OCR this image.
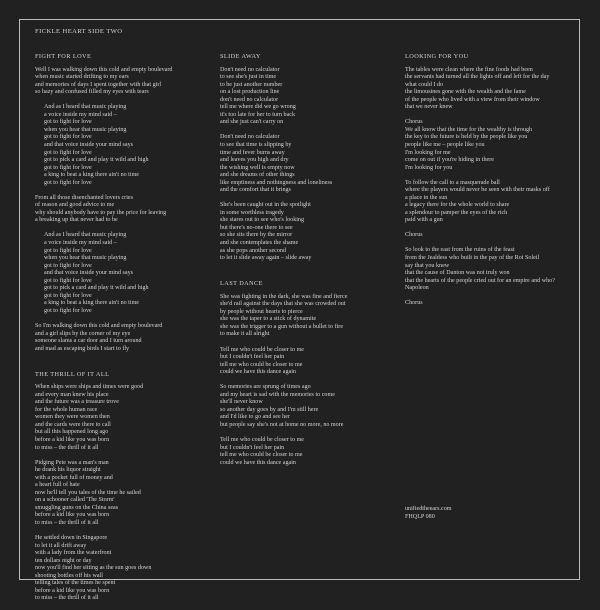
FICKLE HEART SIDE TWO
FIGHT FOR LOVE
Well I was walking down this cold and empty boulevard
when music started drifting to my ears
and memories of days I spent together with that girl
so hazy and confused filled my eyes with tears
And as I heard that music playing
a voice inside my mind said –
got to fight for love
when you hear that music playing
got to fight for love
and that voice inside your mind says
got to fight for love
got to pick a card and play it wild and high
got to fight for love
a king to beat a king there ain't no time
got to fight for love
From all those disenchanted lovers cries
of reason and good advice to me
why should anybody have to pay the price for leaving
a breaking up that never had to be
And as I heard that music playing
a voice inside my mind said –
got to fight for love
when you hear that music playing
got to fight for love
and that voice inside your mind says
got to fight for love
got to pick a card and play it wild and high
got to fight for love
a king to beat a king there ain't no time
got to fight for love
So I'm walking down this cold and empty boulevard
and a girl slips by the corner of my eye
someone slams a car door and I turn around
and mad as escaping birds I start to fly
THE THRILL OF IT ALL
When ships were ships and times were good
and every man knew his place
and the future was a treasure trove
for the whole human race
women they were women then
and the cards were there to call
but all this happened long ago
before a kid like you was born
to miss – the thrill of it all
Pidging Pete was a man's man
he drank his liquor straight
with a pocket full of money and
a heart full of hate
now he'll tell you tales of the time he sailed
on a schooner called 'The Storm'
smuggling guns on the China seas
before a kid like you was born
to miss – the thrill of it all
He settled down in Singapore
to let it all drift away
with a lady from the waterfront
ten dollars night or day
now you'll find her sitting as the sun goes down
shooting bottles off his wall
telling tales of the times he spent
before a kid like you was born
to miss – the thrill of it all
SLIDE AWAY
Don't need no calculator
to see she's just in time
to be just another number
on a lost production line
don't need no calculator
tell me where did we go wrong
it's too late for her to turn back
and she just can't carry on
Don't need no calculator
to see that time is slipping by
time and fever burns away
and leaves you high and dry
the wishing well is empty now
and she dreams of other things
like emptiness and nothingness and loneliness
and the comfort that it brings
She's been caught out in the spotlight
in some worthless tragedy
she stares out to see who's looking
but there's no-one there to see
so she sits there by the mirror
and she contemplates the shame
as she pops another second
to let it slide away again – slide away
LAST DANCE
She was fighting in the dark, she was fine and fierce
she'd rail against the days that she was crowded out
by people without hearts to pierce
she was the taper to a stick of dynamite
she was the trigger to a gun without a bullet to fire
to make it all alright
Tell me who could be closer to me
but I couldn't feel her pain
tell me who could be closer to me
could we have this dance again
So memories are sprung of times ago
and my heart is sad with the memories to come
she'll never know
so another day goes by and I'm still here
and I'd like to go and see her
but people say she's not at home no more, no more
Tell me who could be closer to me
but I couldn't feel her pain
tell me who could be closer to me
could we have this dance again
LOOKING FOR YOU
The tables were clean where the fine foods had been
the servants had turned all the lights off and left for the day
what could I do
the limousines gone with the wealth and the fame
of the people who lived with a view from their window
that we never knew
Chorus
We all know that the time for the wealthy is through
the key to the future is held by the people like you
people like me – people like you
I'm looking for me
come on out if you're hiding in there
I'm looking for you
To follow the call to a masquerade ball
where the players would never be seen with their masks off
a place in the sun
a legacy there for the whole world to share
a splendour to pamper the eyes of the rich
paid with a gun
Chorus
So look to the east from the ruins of the feast
from the Jealdess who built in the pay of the Roi Soleil
say that you knew
that the cause of Danton was not truly won
that the hearts of the people cried out for an empire and who?
Napoleon
Chorus
unifiedtheears.com
FHQLP 080
